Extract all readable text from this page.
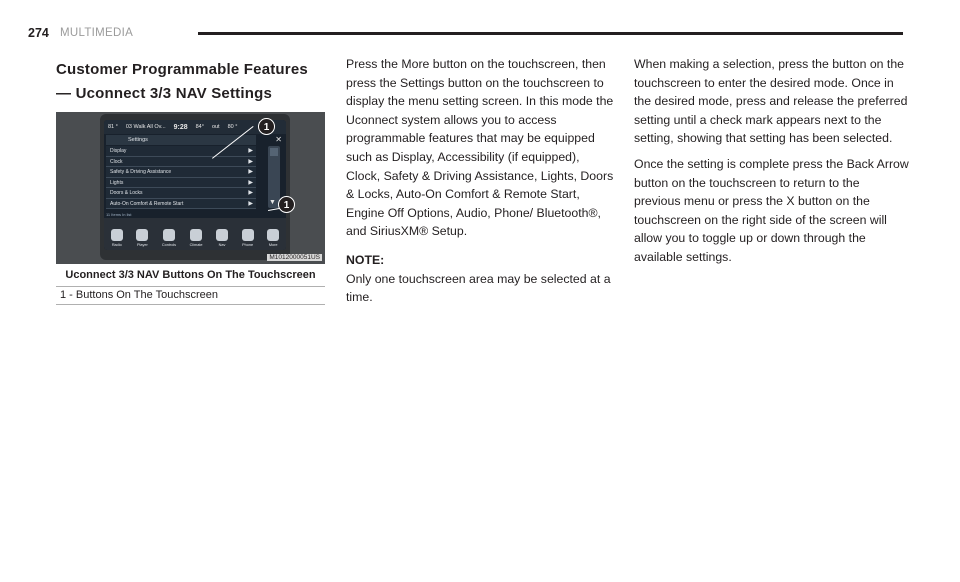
274 MULTIMEDIA
Customer Programmable Features — Uconnect 3/3 NAV Settings
81 ° 03 Walk All Ov... 9:28 84° out 80 °
Settings	✕
Display	▶
Clock	▶
Safety & Driving Assistance	▶
Lights	▶
Doors & Locks	▶
Auto-On Comfort & Remote Start	▶ ▼
11 Items In list
Radio	Player	Controls	Climate	Nav	Phone	More
1
1
M1012000051US
Uconnect 3/3 NAV Buttons On The Touchscreen
1 - Buttons On The Touchscreen

Press the More button on the touchscreen, then press the Settings button on the touchscreen to display the menu setting screen. In this mode the Uconnect system allows you to access programmable features that may be equipped such as Display, Accessibility (if equipped), Clock, Safety & Driving Assistance, Lights, Doors & Locks, Auto-On Comfort & Remote Start, Engine Off Options, Audio, Phone/ Bluetooth®, and SiriusXM® Setup.

NOTE:

Only one touchscreen area may be selected at a time.

When making a selection, press the button on the touchscreen to enter the desired mode. Once in the desired mode, press and release the preferred setting until a check mark appears next to the setting, showing that setting has been selected.

Once the setting is complete press the Back Arrow button on the touchscreen to return to the previous menu or press the X button on the touchscreen on the right side of the screen will allow you to toggle up or down through the available settings.
